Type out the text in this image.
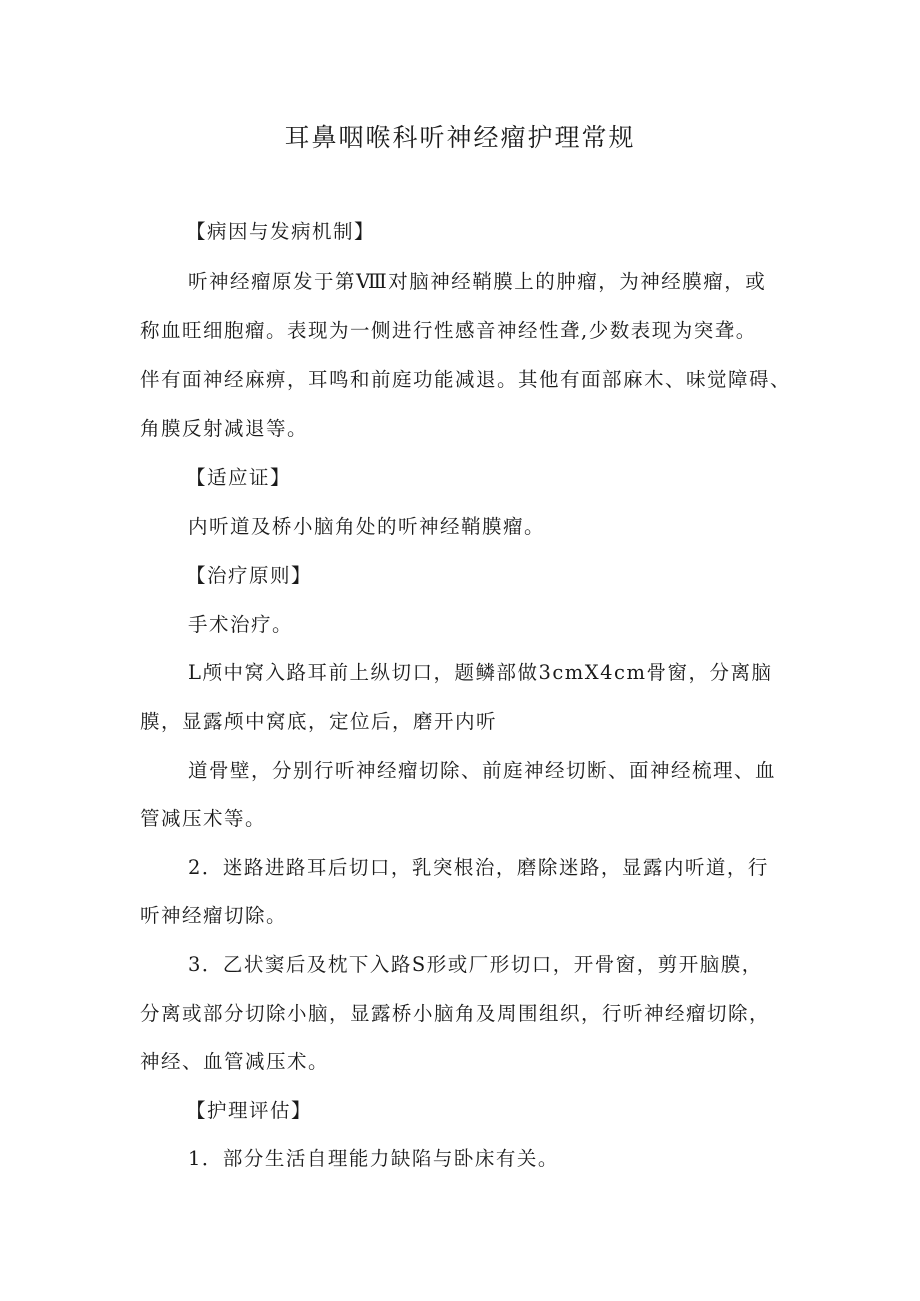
耳鼻咽喉科听神经瘤护理常规

【病因与发病机制】

听神经瘤原发于第Ⅷ对脑神经鞘膜上的肿瘤，为神经膜瘤，或

称血旺细胞瘤。表现为一侧进行性感音神经性聋,少数表现为突聋。

伴有面神经麻痹，耳鸣和前庭功能减退。其他有面部麻木、味觉障碍、

角膜反射减退等。

【适应证】

内听道及桥小脑角处的听神经鞘膜瘤。

【治疗原则】

手术治疗。

L颅中窝入路耳前上纵切口，题鳞部做3cmX4cm骨窗，分离脑

膜，显露颅中窝底，定位后，磨开内听

道骨壁，分别行听神经瘤切除、前庭神经切断、面神经梳理、血

管减压术等。

2．迷路进路耳后切口，乳突根治，磨除迷路，显露内听道，行

听神经瘤切除。

3．乙状窦后及枕下入路S形或厂形切口，开骨窗，剪开脑膜，

分离或部分切除小脑，显露桥小脑角及周围组织，行听神经瘤切除，

神经、血管减压术。

【护理评估】

1．部分生活自理能力缺陷与卧床有关。
